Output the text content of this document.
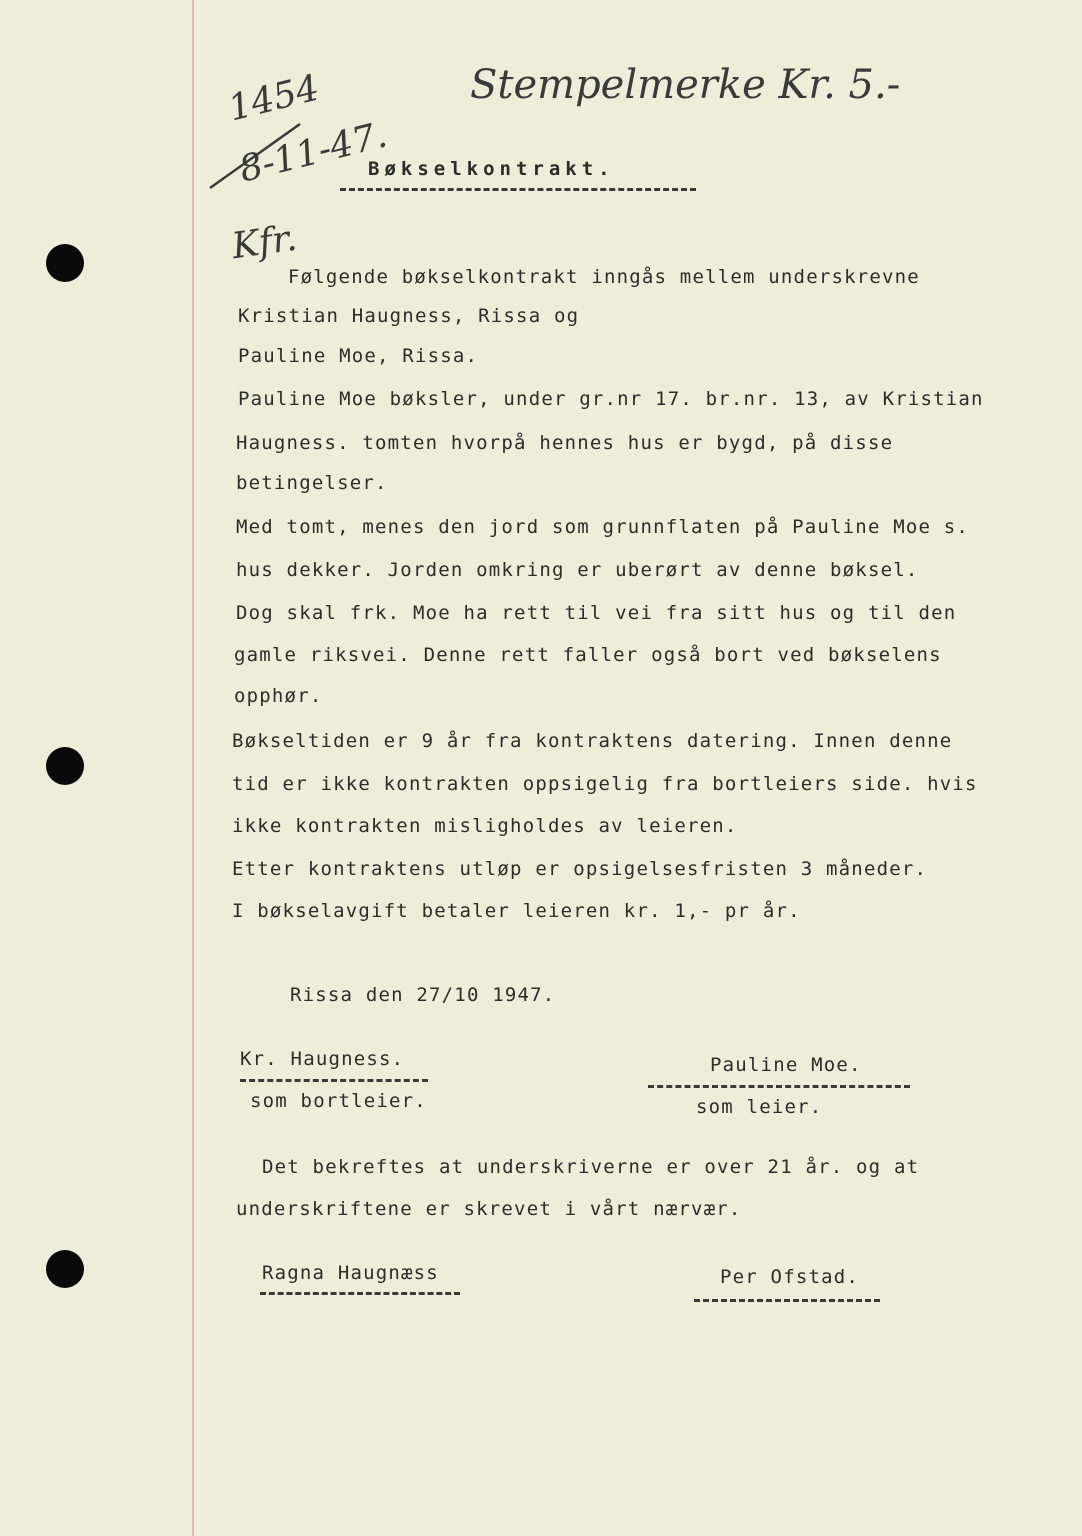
1454
8-11-47.
Stempelmerke Kr. 5.-
Kfr.
Bøkselkontrakt.
Følgende bøkselkontrakt inngås mellem underskrevne
Kristian Haugness, Rissa og
Pauline Moe, Rissa.
Pauline Moe bøksler, under gr.nr 17. br.nr. 13, av Kristian
Haugness. tomten hvorpå hennes hus er bygd, på disse
betingelser.
Med tomt, menes den jord som grunnflaten på Pauline Moe s.
hus dekker. Jorden omkring er uberørt av denne bøksel.
Dog skal frk. Moe ha rett til vei fra sitt hus og til den
gamle riksvei. Denne rett faller også bort ved bøkselens
opphør.
Bøkseltiden er 9 år fra kontraktens datering. Innen denne
tid er ikke kontrakten oppsigelig fra bortleiers side. hvis
ikke kontrakten misligholdes av leieren.
Etter kontraktens utløp er opsigelsesfristen 3 måneder.
I bøkselavgift betaler leieren kr. 1,- pr år.
Rissa den 27/10 1947.
Kr. Haugness.
som bortleier.
Pauline Moe.
som leier.
Det bekreftes at underskriverne er over 21 år. og at
underskriftene er skrevet i vårt nærvær.
Ragna Haugnæss	Per Ofstad.
